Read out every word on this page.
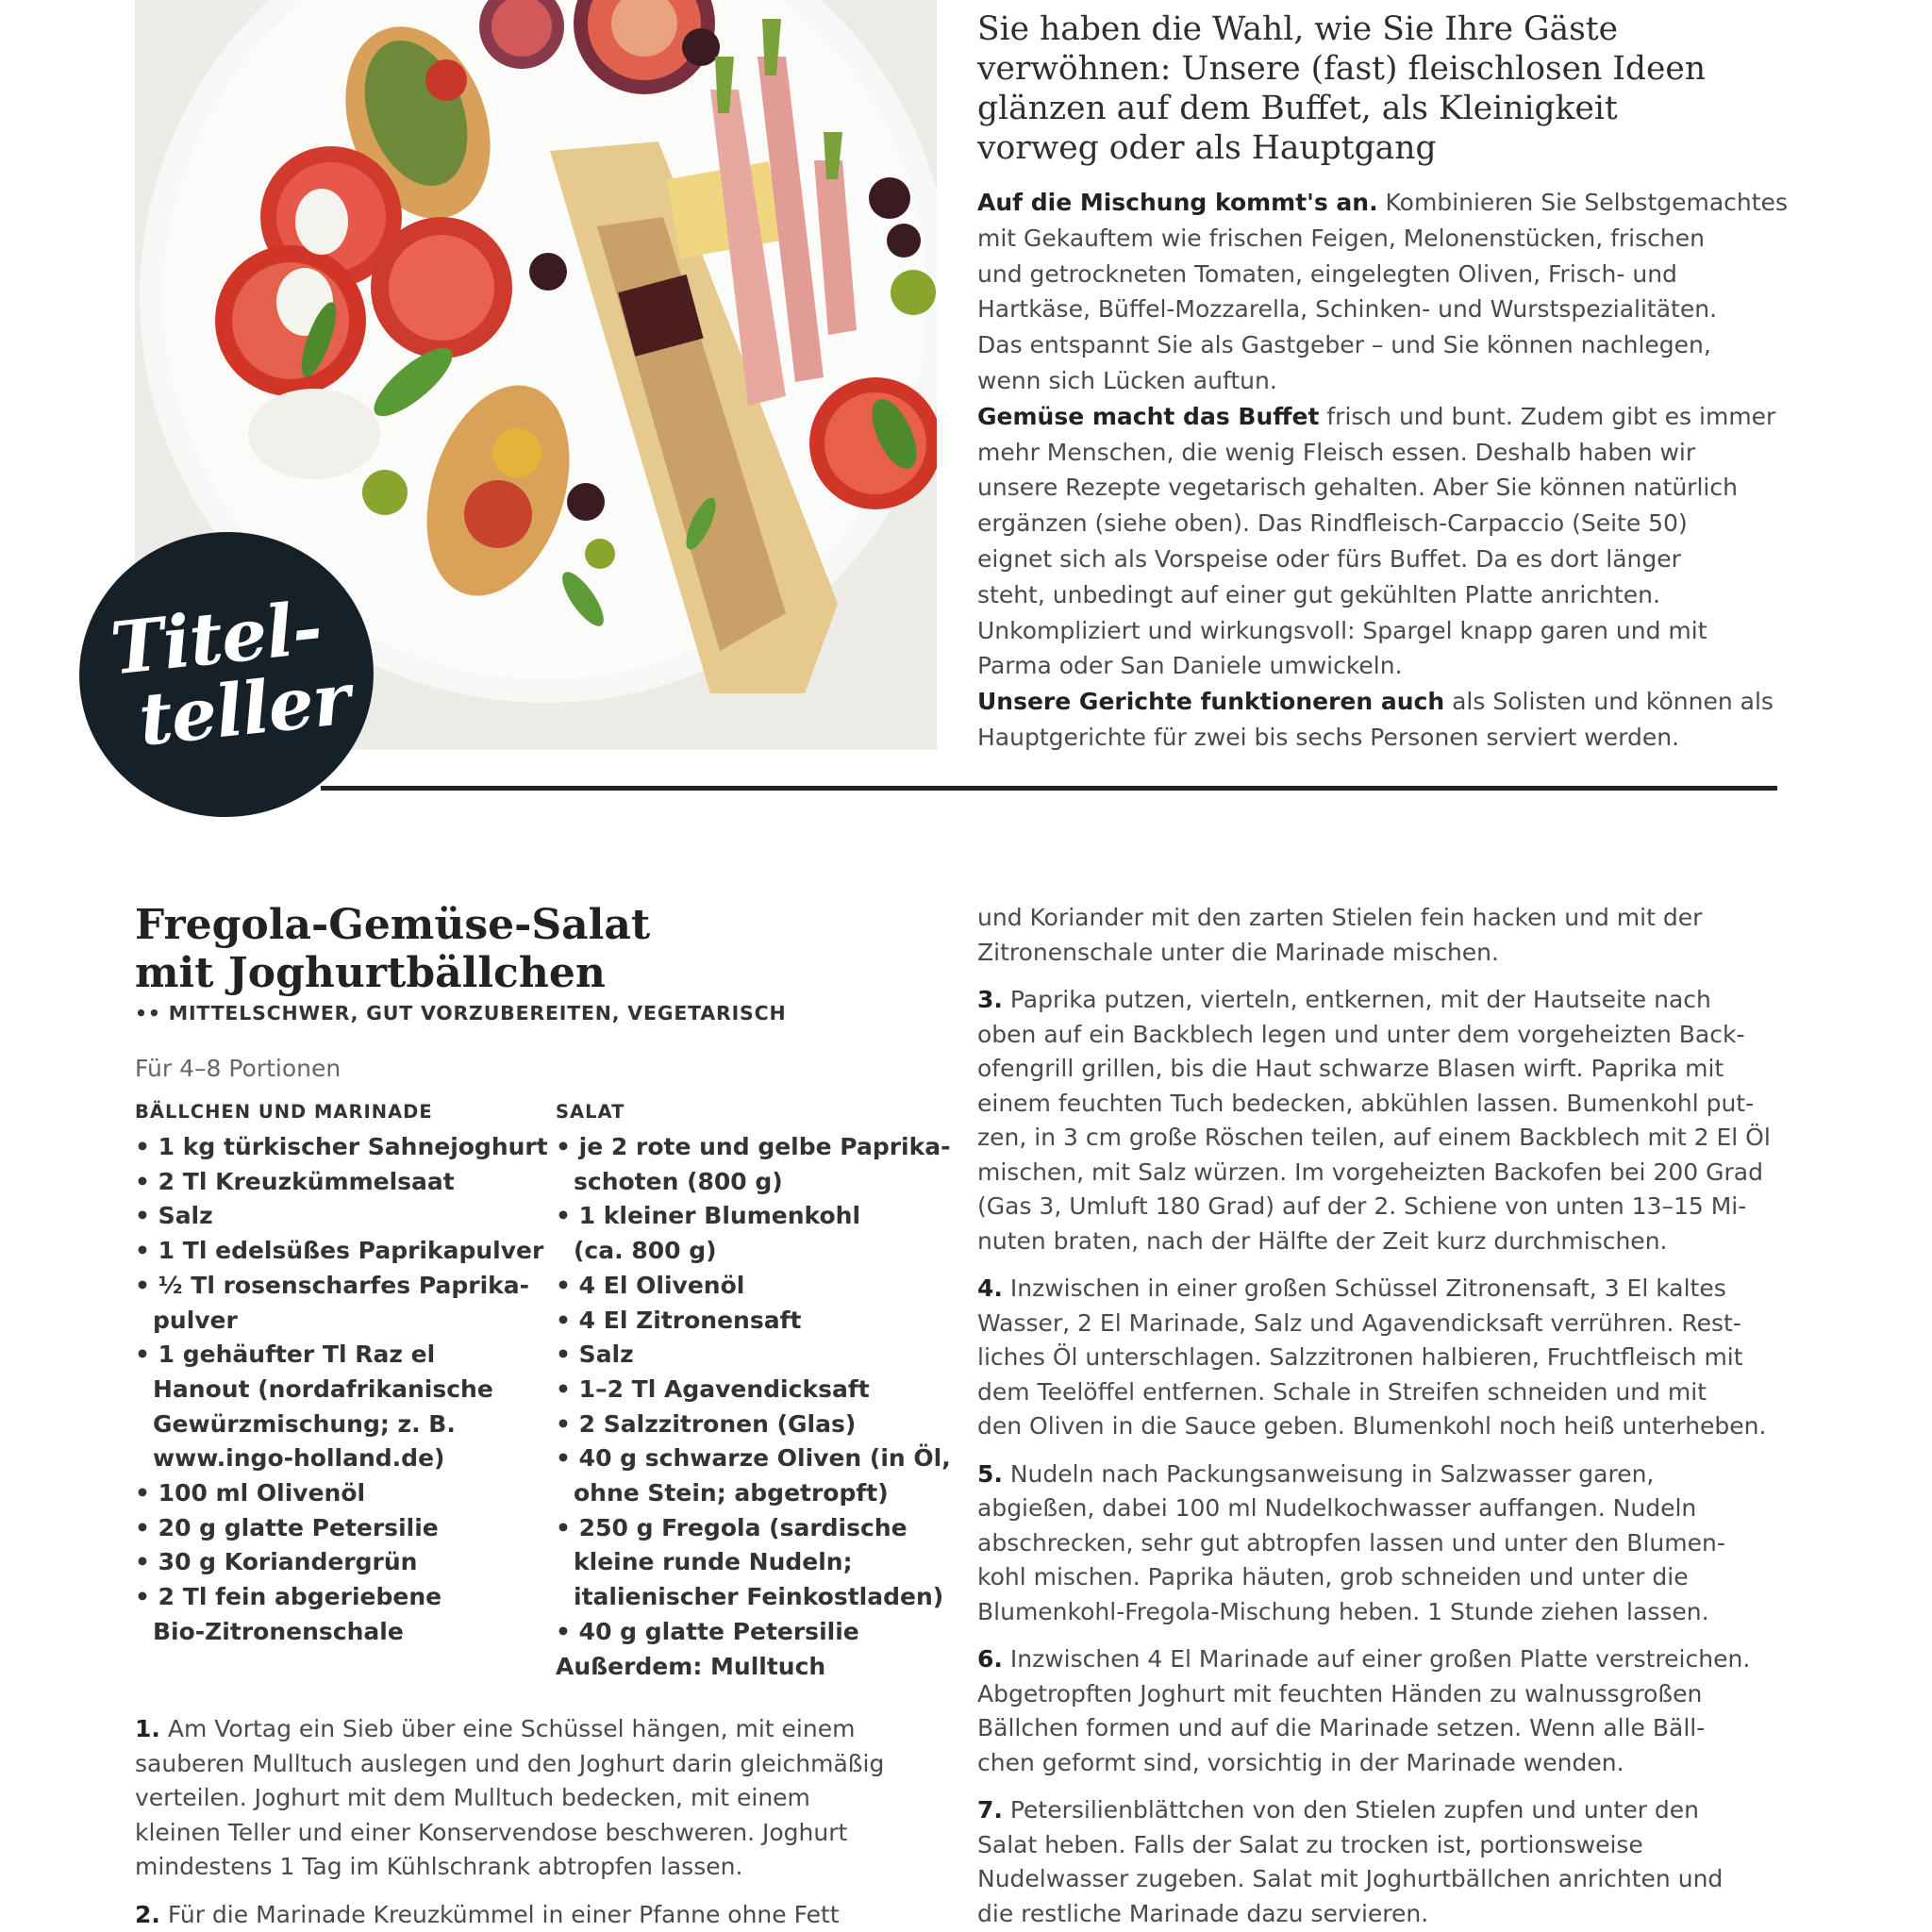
Titel-
teller
Sie haben die Wahl, wie Sie Ihre Gäste
verwöhnen: Unsere (fast) fleischlosen Ideen
glänzen auf dem Buffet, als Kleinigkeit
vorweg oder als Hauptgang

Auf die Mischung kommt's an. Kombinieren Sie Selbstgemachtes

mit Gekauftem wie frischen Feigen, Melonenstücken, frischen

und getrockneten Tomaten, eingelegten Oliven, Frisch- und

Hartkäse, Büffel-Mozzarella, Schinken- und Wurstspezialitäten.

Das entspannt Sie als Gastgeber – und Sie können nachlegen,

wenn sich Lücken auftun.

Gemüse macht das Buffet frisch und bunt. Zudem gibt es immer

mehr Menschen, die wenig Fleisch essen. Deshalb haben wir

unsere Rezepte vegetarisch gehalten. Aber Sie können natürlich

ergänzen (siehe oben). Das Rindfleisch-Carpaccio (Seite 50)

eignet sich als Vorspeise oder fürs Buffet. Da es dort länger

steht, unbedingt auf einer gut gekühlten Platte anrichten.

Unkompliziert und wirkungsvoll: Spargel knapp garen und mit

Parma oder San Daniele umwickeln.

Unsere Gerichte funktioneren auch als Solisten und können als

Hauptgerichte für zwei bis sechs Personen serviert werden.

Fregola-Gemüse-Salat
mit Joghurtbällchen
•• MITTELSCHWER, GUT VORZUBEREITEN, VEGETARISCH
Für 4–8 Portionen
BÄLLCHEN UND MARINADE

• 1 kg türkischer Sahnejoghurt

• 2 Tl Kreuzkümmelsaat

• Salz

• 1 Tl edelsüßes Paprikapulver

• ½ Tl rosenscharfes Paprika-

pulver

• 1 gehäufter Tl Raz el

Hanout (nordafrikanische

Gewürzmischung; z. B.

www.ingo-holland.de)

• 100 ml Olivenöl

• 20 g glatte Petersilie

• 30 g Koriandergrün

• 2 Tl fein abgeriebene

Bio-Zitronenschale

SALAT

• je 2 rote und gelbe Paprika-

schoten (800 g)

• 1 kleiner Blumenkohl

(ca. 800 g)

• 4 El Olivenöl

• 4 El Zitronensaft

• Salz

• 1–2 Tl Agavendicksaft

• 2 Salzzitronen (Glas)

• 40 g schwarze Oliven (in Öl,

ohne Stein; abgetropft)

• 250 g Fregola (sardische

kleine runde Nudeln;

italienischer Feinkostladen)

• 40 g glatte Petersilie

Außerdem: Mulltuch

1. Am Vortag ein Sieb über eine Schüssel hängen, mit einem

sauberen Mulltuch auslegen und den Joghurt darin gleichmäßig

verteilen. Joghurt mit dem Mulltuch bedecken, mit einem

kleinen Teller und einer Konservendose beschweren. Joghurt

mindestens 1 Tag im Kühlschrank abtropfen lassen.

2. Für die Marinade Kreuzkümmel in einer Pfanne ohne Fett

und Koriander mit den zarten Stielen fein hacken und mit der

Zitronenschale unter die Marinade mischen.

3. Paprika putzen, vierteln, entkernen, mit der Hautseite nach

oben auf ein Backblech legen und unter dem vorgeheizten Back-

ofengrill grillen, bis die Haut schwarze Blasen wirft. Paprika mit

einem feuchten Tuch bedecken, abkühlen lassen. Bumenkohl put-

zen, in 3 cm große Röschen teilen, auf einem Backblech mit 2 El Öl

mischen, mit Salz würzen. Im vorgeheizten Backofen bei 200 Grad

(Gas 3, Umluft 180 Grad) auf der 2. Schiene von unten 13–15 Mi-

nuten braten, nach der Hälfte der Zeit kurz durchmischen.

4. Inzwischen in einer großen Schüssel Zitronensaft, 3 El kaltes

Wasser, 2 El Marinade, Salz und Agavendicksaft verrühren. Rest-

liches Öl unterschlagen. Salzzitronen halbieren, Fruchtfleisch mit

dem Teelöffel entfernen. Schale in Streifen schneiden und mit

den Oliven in die Sauce geben. Blumenkohl noch heiß unterheben.

5. Nudeln nach Packungsanweisung in Salzwasser garen,

abgießen, dabei 100 ml Nudelkochwasser auffangen. Nudeln

abschrecken, sehr gut abtropfen lassen und unter den Blumen-

kohl mischen. Paprika häuten, grob schneiden und unter die

Blumenkohl-Fregola-Mischung heben. 1 Stunde ziehen lassen.

6. Inzwischen 4 El Marinade auf einer großen Platte verstreichen.

Abgetropften Joghurt mit feuchten Händen zu walnussgroßen

Bällchen formen und auf die Marinade setzen. Wenn alle Bäll-

chen geformt sind, vorsichtig in der Marinade wenden.

7. Petersilienblättchen von den Stielen zupfen und unter den

Salat heben. Falls der Salat zu trocken ist, portionsweise

Nudelwasser zugeben. Salat mit Joghurtbällchen anrichten und

die restliche Marinade dazu servieren.
